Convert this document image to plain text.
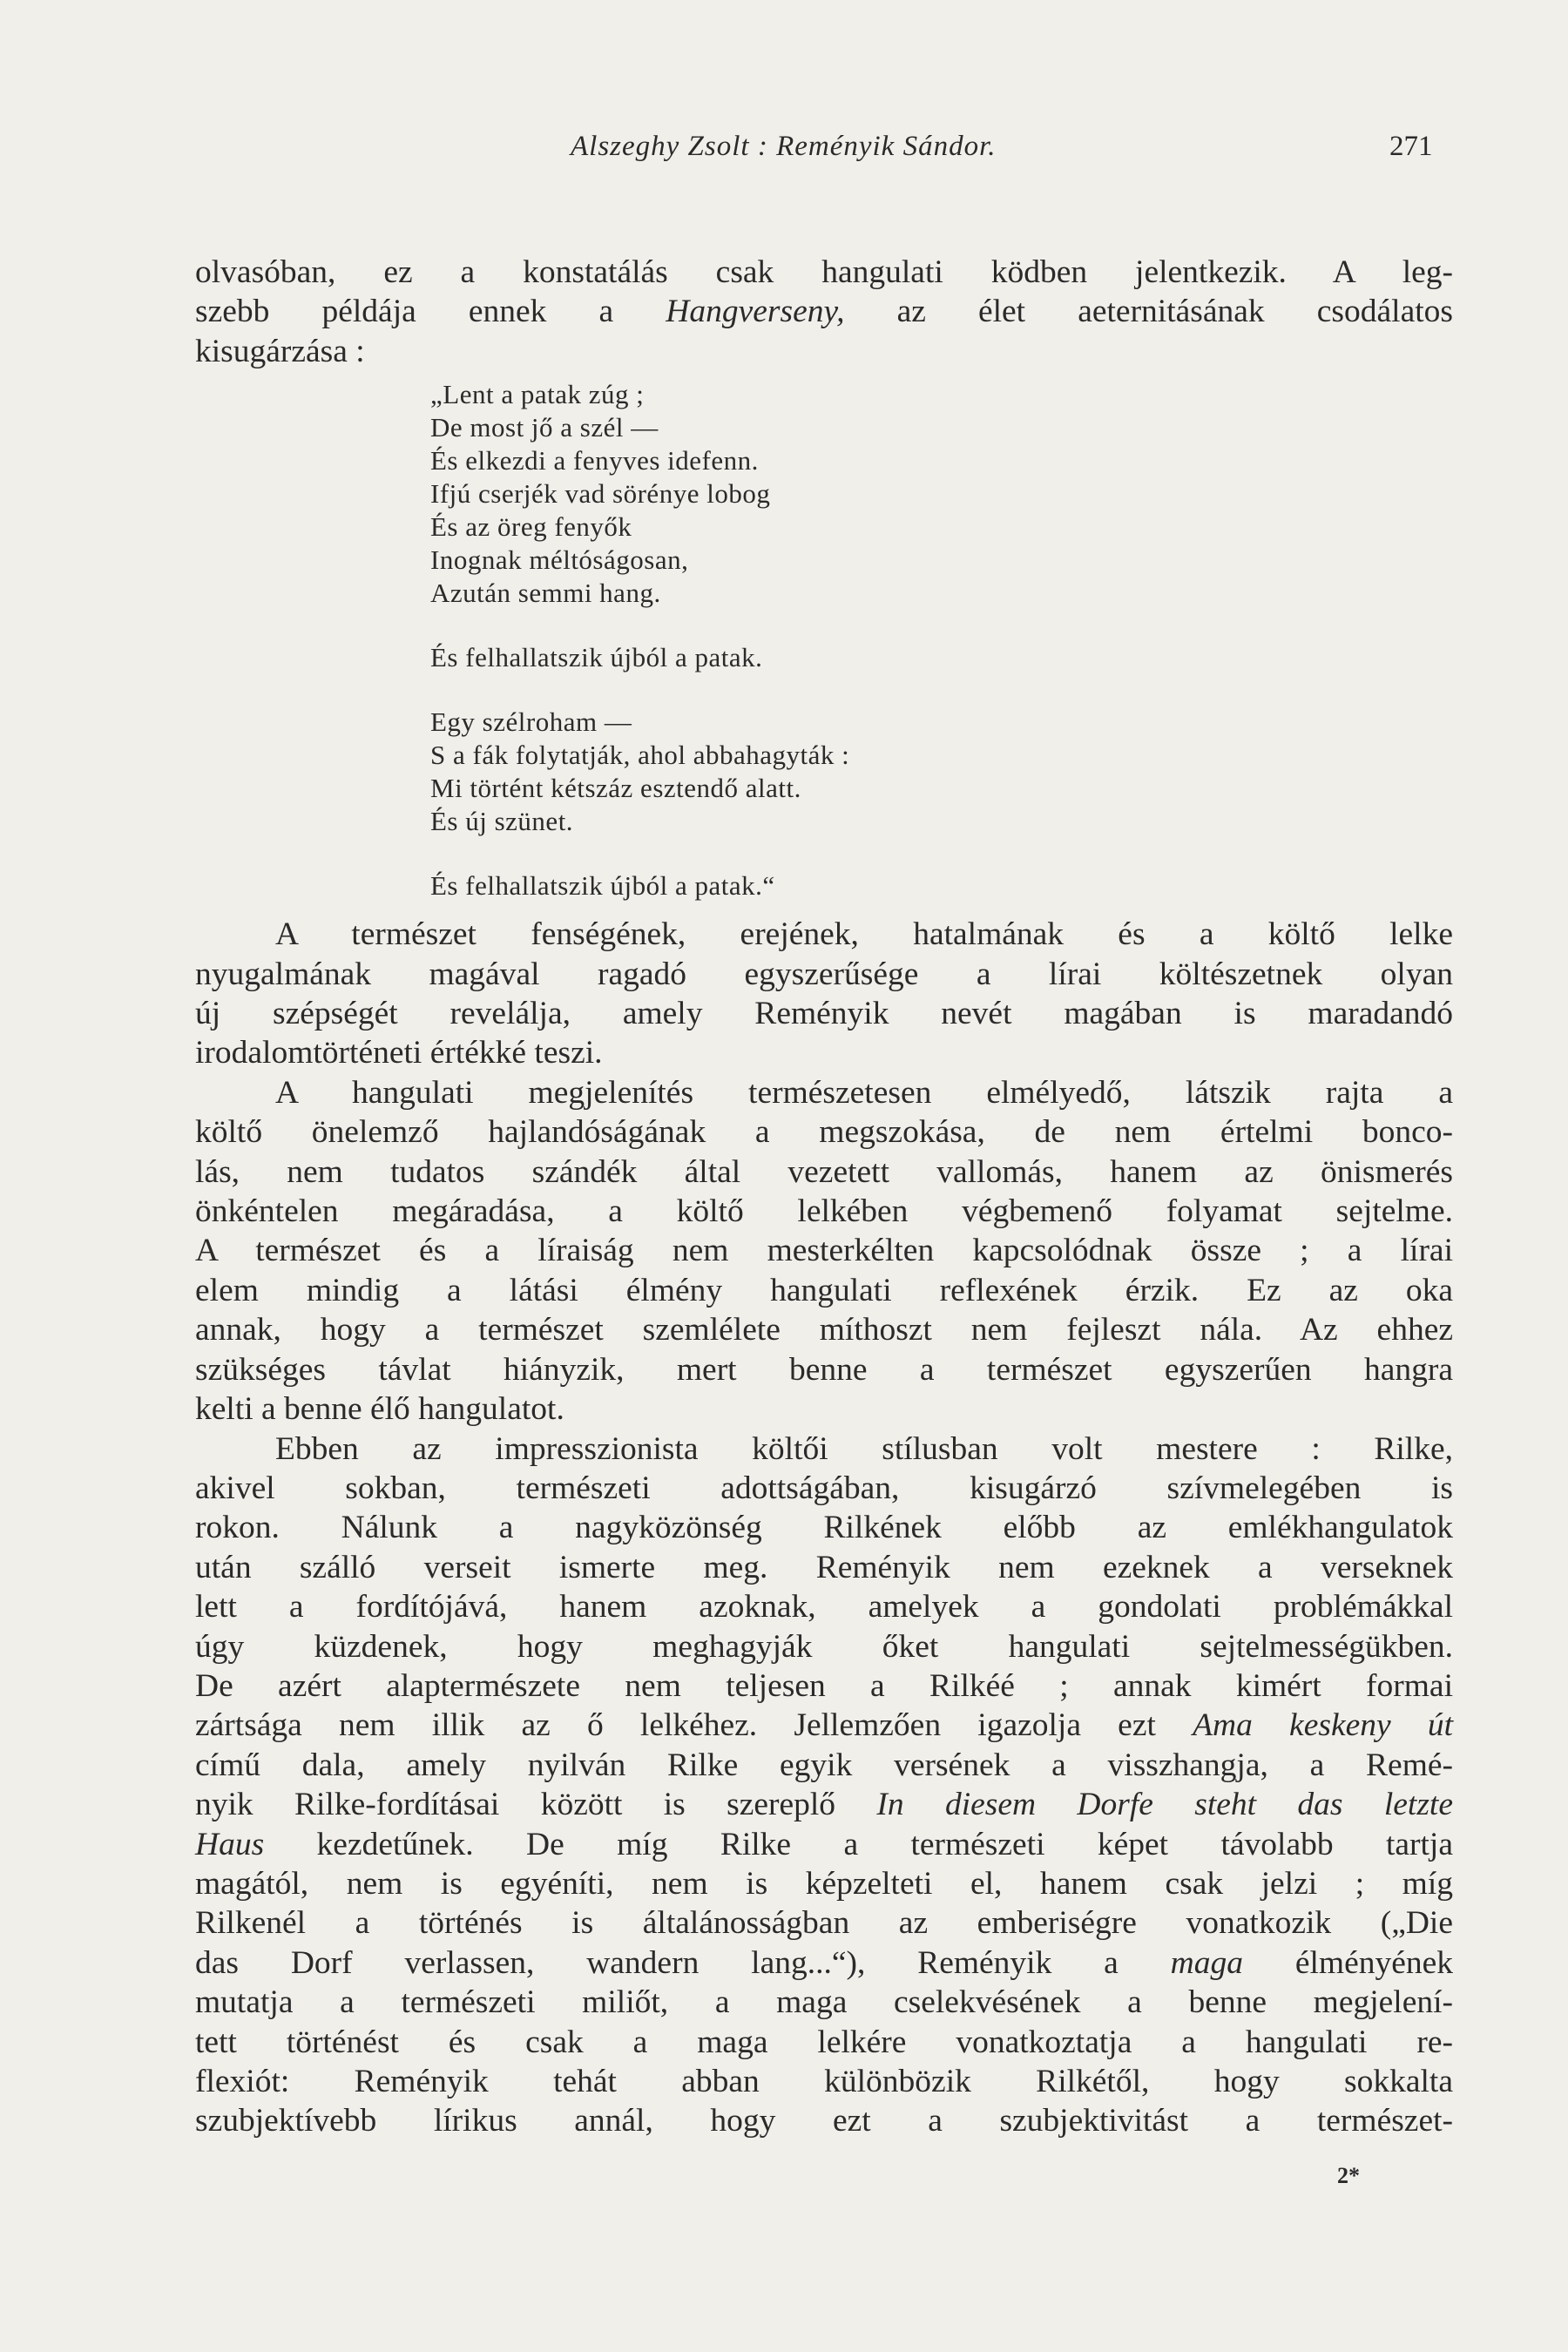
Alszeghy Zsolt : Reményik Sándor.	271

olvasóban, ez a konstatálás csak hangulati ködben jelentkezik. A leg-
szebb példája ennek a Hangverseny, az élet aeternitásának csodálatos
kisugárzása :

„Lent a patak zúg ;
De most jő a szél —
És elkezdi a fenyves idefenn.
Ifjú cserjék vad sörénye lobog
És az öreg fenyők
Inognak méltóságosan,
Azután semmi hang.
És felhallatszik újból a patak.
Egy szélroham —
S a fák folytatják, ahol abbahagyták :
Mi történt kétszáz esztendő alatt.
És új szünet.
És felhallatszik újból a patak.“

A természet fenségének, erejének, hatalmának és a költő lelke
nyugalmának magával ragadó egyszerűsége a lírai költészetnek olyan
új szépségét revelálja, amely Reményik nevét magában is maradandó
irodalomtörténeti értékké teszi.

A hangulati megjelenítés természetesen elmélyedő, látszik rajta a
költő önelemző hajlandóságának a megszokása, de nem értelmi bonco-
lás, nem tudatos szándék által vezetett vallomás, hanem az önismerés
önkéntelen megáradása, a költő lelkében végbemenő folyamat sejtelme.
A természet és a líraiság nem mesterkélten kapcsolódnak össze ; a lírai
elem mindig a látási élmény hangulati reflexének érzik. Ez az oka
annak, hogy a természet szemlélete míthoszt nem fejleszt nála. Az ehhez
szükséges távlat hiányzik, mert benne a természet egyszerűen hangra
kelti a benne élő hangulatot.

Ebben az impresszionista költői stílusban volt mestere : Rilke,
akivel sokban, természeti adottságában, kisugárzó szívmelegében is
rokon. Nálunk a nagyközönség Rilkének előbb az emlékhangulatok
után szálló verseit ismerte meg. Reményik nem ezeknek a verseknek
lett a fordítójává, hanem azoknak, amelyek a gondolati problémákkal
úgy küzdenek, hogy meghagyják őket hangulati sejtelmességükben.
De azért alaptermészete nem teljesen a Rilkéé ; annak kimért formai
zártsága nem illik az ő lelkéhez. Jellemzően igazolja ezt Ama keskeny út
című dala, amely nyilván Rilke egyik versének a visszhangja, a Remé-
nyik Rilke-fordításai között is szereplő In diesem Dorfe steht das letzte
Haus kezdetűnek. De míg Rilke a természeti képet távolabb tartja
magától, nem is egyéníti, nem is képzelteti el, hanem csak jelzi ; míg
Rilkenél a történés is általánosságban az emberiségre vonatkozik („Die
das Dorf verlassen, wandern lang...“), Reményik a maga élményének
mutatja a természeti miliőt, a maga cselekvésének a benne megjelení-
tett történést és csak a maga lelkére vonatkoztatja a hangulati re-
flexiót: Reményik tehát abban különbözik Rilkétől, hogy sokkalta
szubjektívebb lírikus annál, hogy ezt a szubjektivitást a természet-

2*
